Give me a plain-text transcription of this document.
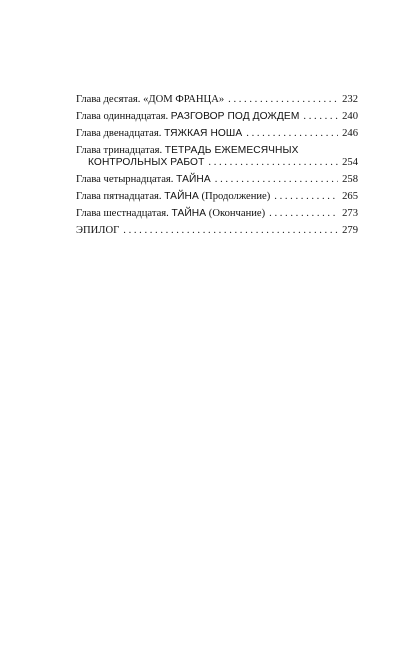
Глава десятая.
«ДОМ ФРАНЦА» . . .	232
Глава одиннадцатая.
РАЗГОВОР ПОД ДОЖДЕМ . . .	240
Глава двенадцатая.
ТЯЖКАЯ НОША . . .	246
Глава тринадцатая.
ТЕТРАДЬ ЕЖЕМЕСЯЧНЫХ
КОНТРОЛЬНЫХ РАБОТ . . .	254
Глава четырнадцатая.
ТАЙНА . . .	258
Глава пятнадцатая.
ТАЙНА
(Продолжение) . . .	265
Глава шестнадцатая.
ТАЙНА
(Окончание) . . .	273
ЭПИЛОГ . . .	279
